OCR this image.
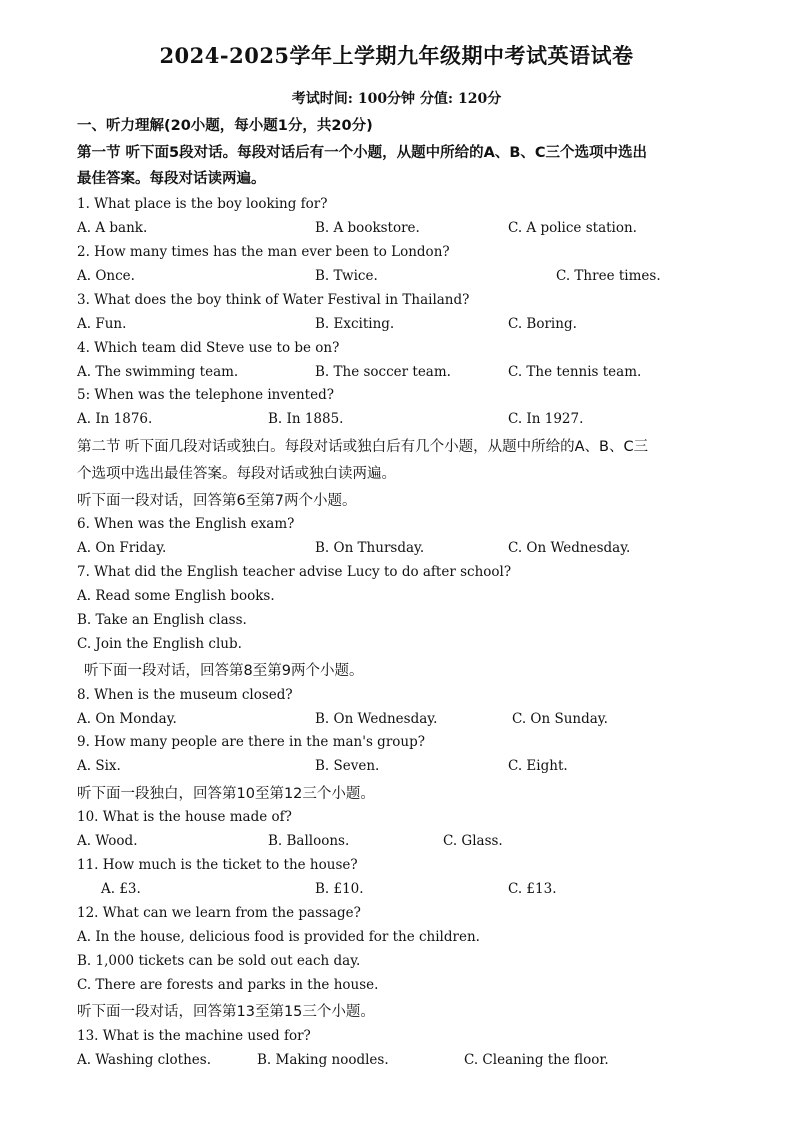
2024-2025学年上学期九年级期中考试英语试卷
考试时间: 100分钟 分值: 120分
一、听力理解(20小题，每小题1分，共20分)
第一节 听下面5段对话。每段对话后有一个小题，从题中所给的A、B、C三个选项中选出
最佳答案。每段对话读两遍。
1. What place is the boy looking for?
A. A bank.	B. A bookstore.	C. A police station.
2. How many times has the man ever been to London?
A. Once.	B. Twice.	C. Three times.
3. What does the boy think of Water Festival in Thailand?
A. Fun.	B. Exciting.	C. Boring.
4. Which team did Steve use to be on?
A. The swimming team.	B. The soccer team.	C. The tennis team.
5: When was the telephone invented?
A. In 1876.	B. In 1885.	C. In 1927.
第二节 听下面几段对话或独白。每段对话或独白后有几个小题，从题中所给的A、B、C三
个选项中选出最佳答案。每段对话或独白读两遍。
听下面一段对话，回答第6至第7两个小题。
6. When was the English exam?
A. On Friday.	B. On Thursday.	C. On Wednesday.
7. What did the English teacher advise Lucy to do after school?
A. Read some English books.
B. Take an English class.
C. Join the English club.
听下面一段对话，回答第8至第9两个小题。
8. When is the museum closed?
A. On Monday.	B. On Wednesday.	C. On Sunday.
9. How many people are there in the man's group?
A. Six.	B. Seven.	C. Eight.
听下面一段独白，回答第10至第12三个小题。
10. What is the house made of?
A. Wood.	B. Balloons.	C. Glass.
11. How much is the ticket to the house?
A. £3.	B. £10.	C. £13.
12. What can we learn from the passage?
A. In the house, delicious food is provided for the children.
B. 1,000 tickets can be sold out each day.
C. There are forests and parks in the house.
听下面一段对话，回答第13至第15三个小题。
13. What is the machine used for?
A. Washing clothes.	B. Making noodles.	C. Cleaning the floor.
